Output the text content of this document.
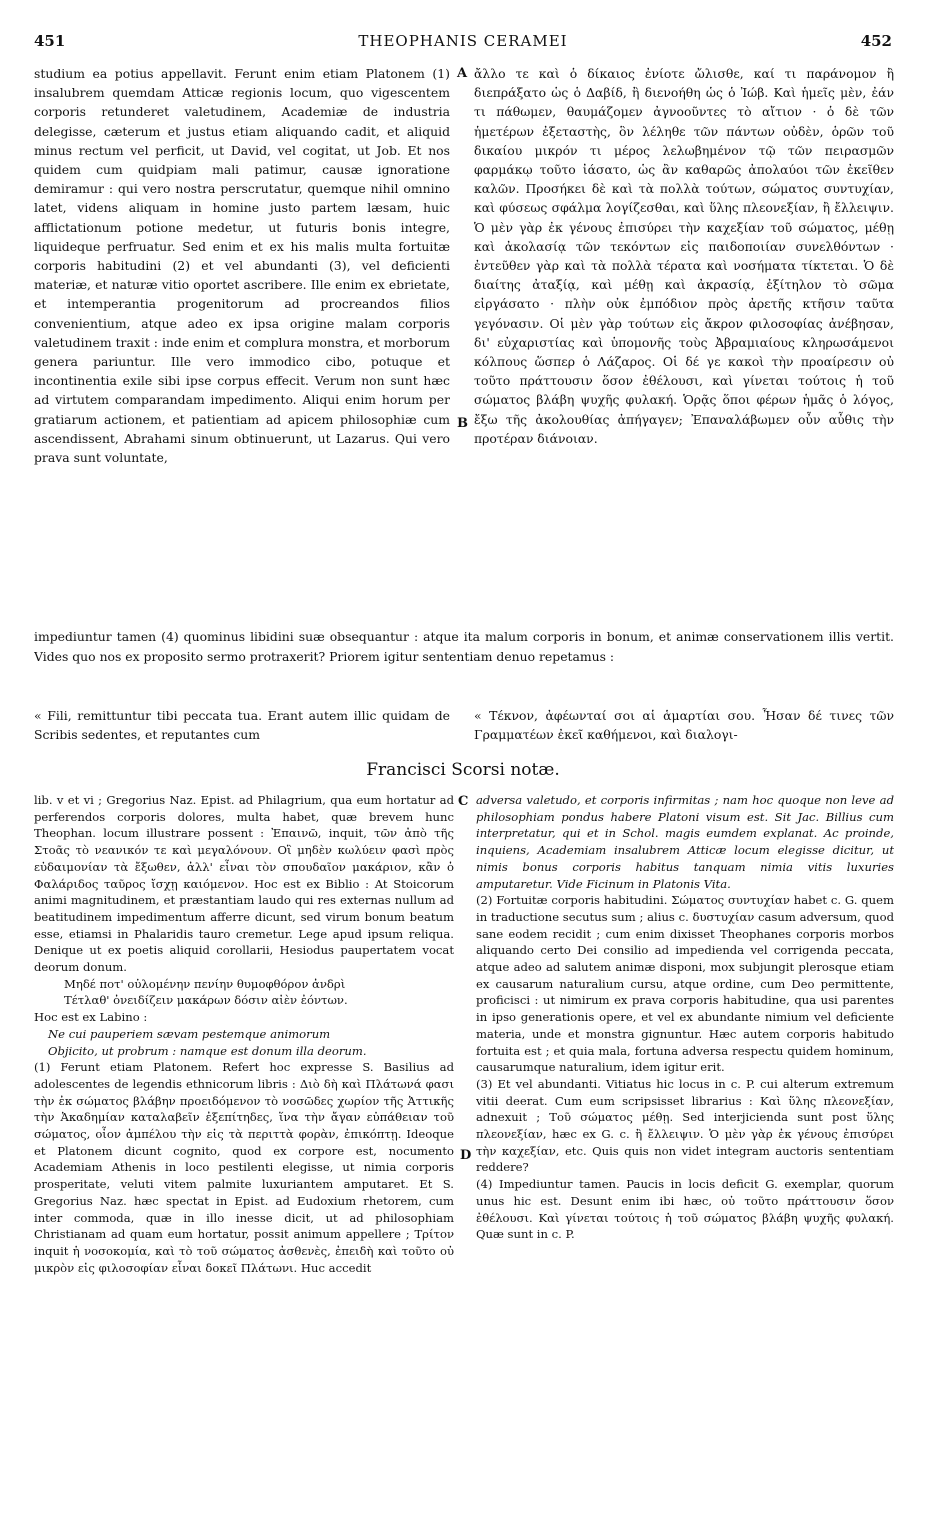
451	THEOPHANIS CERAMEI	452
A
B
C
D

studium ea potius appellavit. Ferunt enim etiam Platonem (1) insalubrem quemdam Atticæ regionis locum, quo vigescentem corporis retunderet valetudinem, Academiæ de industria delegisse, cæterum et justus etiam aliquando cadit, et aliquid minus rectum vel perficit, ut David, vel cogitat, ut Job. Et nos quidem cum quidpiam mali patimur, causæ ignoratione demiramur : qui vero nostra perscrutatur, quemque nihil omnino latet, videns aliquam in homine justo partem læsam, huic afflictationum potione medetur, ut futuris bonis integre, liquideque perfruatur. Sed enim et ex his malis multa fortuitæ corporis habitudini (2) et vel abundanti (3), vel deficienti materiæ, et naturæ vitio oportet ascribere. Ille enim ex ebrietate, et intemperantia progenitorum ad procreandos filios convenientium, atque adeo ex ipsa origine malam corporis valetudinem traxit : inde enim et complura monstra, et morborum genera pariuntur. Ille vero immodico cibo, potuque et incontinentia exile sibi ipse corpus effecit. Verum non sunt hæc ad virtutem comparandam impedimento. Aliqui enim horum per gratiarum actionem, et patientiam ad apicem philosophiæ cum ascendissent, Abrahami sinum obtinuerunt, ut Lazarus. Qui vero prava sunt voluntate,

ἄλλο τε καὶ ὁ δίκαιος ἐνίοτε ὤλισθε, καί τι παράνομον ἢ διεπράξατο ὡς ὁ Δαβίδ, ἢ διενοήθη ὡς ὁ Ἰώβ. Καὶ ἡμεῖς μὲν, ἐάν τι πάθωμεν, θαυμάζομεν ἀγνοοῦντες τὸ αἴτιον · ὁ δὲ τῶν ἡμετέρων ἐξεταστὴς, ὃν λέληθε τῶν πάντων οὐδὲν, ὁρῶν τοῦ δικαίου μικρόν τι μέρος λελωβημένον τῷ τῶν πειρασμῶν φαρμάκῳ τοῦτο ἰάσατο, ὡς ἂν καθαρῶς ἀπολαύοι τῶν ἐκεῖθεν καλῶν. Προσήκει δὲ καὶ τὰ πολλὰ τούτων, σώματος συντυχίαν, καὶ φύσεως σφάλμα λογίζεσθαι, καὶ ὕλης πλεονεξίαν, ἢ ἔλλειψιν. Ὁ μὲν γὰρ ἐκ γένους ἐπισύρει τὴν καχεξίαν τοῦ σώματος, μέθῃ καὶ ἀκολασίᾳ τῶν τεκόντων εἰς παιδοποιίαν συνελθόντων · ἐντεῦθεν γὰρ καὶ τὰ πολλὰ τέρατα καὶ νοσήματα τίκτεται. Ὁ δὲ διαίτης ἀταξίᾳ, καὶ μέθῃ καὶ ἀκρασίᾳ, ἐξίτηλον τὸ σῶμα εἰργάσατο · πλὴν οὐκ ἐμπόδιον πρὸς ἀρετῆς κτῆσιν ταῦτα γεγόνασιν. Οἱ μὲν γὰρ τούτων εἰς ἄκρον φιλοσοφίας ἀνέβησαν, δι' εὐχαριστίας καὶ ὑπομονῆς τοὺς Ἀβραμιαίους κληρωσάμενοι κόλπους ὥσπερ ὁ Λάζαρος. Οἱ δέ γε κακοὶ τὴν προαίρεσιν οὐ τοῦτο πράττουσιν ὅσον ἐθέλουσι, καὶ γίνεται τούτοις ἡ τοῦ σώματος βλάβη ψυχῆς φυλακή. Ὁρᾷς ὅποι φέρων ἡμᾶς ὁ λόγος, ἔξω τῆς ἀκολουθίας ἀπήγαγεν; Ἐπαναλάβωμεν οὖν αὖθις τὴν προτέραν διάνοιαν.

impediuntur tamen (4) quominus libidini suæ obsequantur : atque ita malum corporis in bonum, et animæ conservationem illis vertit. Vides quo nos ex proposito sermo protraxerit? Priorem igitur sententiam denuo repetamus :

« Fili, remittuntur tibi peccata tua. Erant autem illic quidam de Scribis sedentes, et reputantes cum

« Τέκνον, ἀφέωνταί σοι αἱ ἁμαρτίαι σου. Ἦσαν δέ τινες τῶν Γραμματέων ἐκεῖ καθήμενοι, καὶ διαλογι-

Francisci Scorsi notæ.

lib. v et vi ; Gregorius Naz. Epist. ad Philagrium, qua eum hortatur ad perferendos corporis dolores, multa habet, quæ brevem hunc Theophan. locum illustrare possent : Ἐπαινῶ, inquit, τῶν ἀπὸ τῆς Στοᾶς τὸ νεανικόν τε καὶ μεγαλόνουν. Οἳ μηδὲν κωλύειν φασὶ πρὸς εὐδαιμονίαν τὰ ἔξωθεν, ἀλλ' εἶναι τὸν σπουδαῖον μακάριον, κἂν ὁ Φαλάριδος ταῦρος ἴσχῃ καιόμενον. Hoc est ex Biblio : At Stoicorum animi magnitudinem, et præstantiam laudo qui res externas nullum ad beatitudinem impedimentum afferre dicunt, sed virum bonum beatum esse, etiamsi in Phalaridis tauro cremetur. Lege apud ipsum reliqua. Denique ut ex poetis aliquid corollarii, Hesiodus paupertatem vocat deorum donum.

Μηδέ ποτ' οὐλομένην πενίην θυμοφθόρον ἀνδρὶ

Τέτλαθ' ὀνειδίζειν μακάρων δόσιν αἰὲν ἐόντων.

Hoc est ex Labino :

Ne cui pauperiem sævam pestemque animorum

Objicito, ut probrum : namque est donum illa deorum.

(1) Ferunt etiam Platonem. Refert hoc expresse S. Basilius ad adolescentes de legendis ethnicorum libris : Διὸ δὴ καὶ Πλάτωνά φασι τὴν ἐκ σώματος βλάβην προειδόμενον τὸ νοσῶδες χωρίον τῆς Ἀττικῆς τὴν Ἀκαδημίαν καταλαβεῖν ἐξεπίτηδες, ἵνα τὴν ἄγαν εὐπάθειαν τοῦ σώματος, οἷον ἀμπέλου τὴν εἰς τὰ περιττὰ φορὰν, ἐπικόπτῃ. Ideoque et Platonem dicunt cognito, quod ex corpore est, nocumento Academiam Athenis in loco pestilenti elegisse, ut nimia corporis prosperitate, veluti vitem palmite luxuriantem amputaret. Et S. Gregorius Naz. hæc spectat in Epist. ad Eudoxium rhetorem, cum inter commoda, quæ in illo inesse dicit, ut ad philosophiam Christianam ad quam eum hortatur, possit animum appellere ; Τρίτον inquit ἡ νοσοκομία, καὶ τὸ τοῦ σώματος ἀσθενὲς, ἐπειδὴ καὶ τοῦτο οὐ μικρὸν εἰς φιλοσοφίαν εἶναι δοκεῖ Πλάτωνι. Huc accedit

adversa valetudo, et corporis infirmitas ; nam hoc quoque non leve ad philosophiam pondus habere Platoni visum est. Sit Jac. Billius cum interpretatur, qui et in Schol. magis eumdem explanat. Ac proinde, inquiens, Academiam insalubrem Atticæ locum elegisse dicitur, ut nimis bonus corporis habitus tanquam nimia vitis luxuries amputaretur. Vide Ficinum in Platonis Vita.

(2) Fortuitæ corporis habitudini. Σώματος συντυχίαν habet c. G. quem in traductione secutus sum ; alius c. δυστυχίαν casum adversum, quod sane eodem recidit ; cum enim dixisset Theophanes corporis morbos aliquando certo Dei consilio ad impedienda vel corrigenda peccata, atque adeo ad salutem animæ disponi, mox subjungit plerosque etiam ex causarum naturalium cursu, atque ordine, cum Deo permittente, proficisci : ut nimirum ex prava corporis habitudine, qua usi parentes in ipso generationis opere, et vel ex abundante nimium vel deficiente materia, unde et monstra gignuntur. Hæc autem corporis habitudo fortuita est ; et quia mala, fortuna adversa respectu quidem hominum, causarumque naturalium, idem igitur erit.

(3) Et vel abundanti. Vitiatus hic locus in c. P. cui alterum extremum vitii deerat. Cum eum scripsisset librarius : Καὶ ὕλης πλεονεξίαν, adnexuit ; Τοῦ σώματος μέθῃ. Sed interjiciendа sunt post ὕλης πλεονεξίαν, hæc ex G. c. ἢ ἔλλειψιν. Ὁ μὲν γὰρ ἐκ γένους ἐπισύρει τὴν καχεξίαν, etc. Quis quis non videt integram auctoris sententiam reddere?

(4) Impediuntur tamen. Paucis in locis deficit G. exemplar, quorum unus hic est. Desunt enim ibi hæc, οὐ τοῦτο πράττουσιν ὅσον ἐθέλουσι. Καὶ γίνεται τούτοις ἡ τοῦ σώματος βλάβη ψυχῆς φυλακή. Quæ sunt in c. P.
